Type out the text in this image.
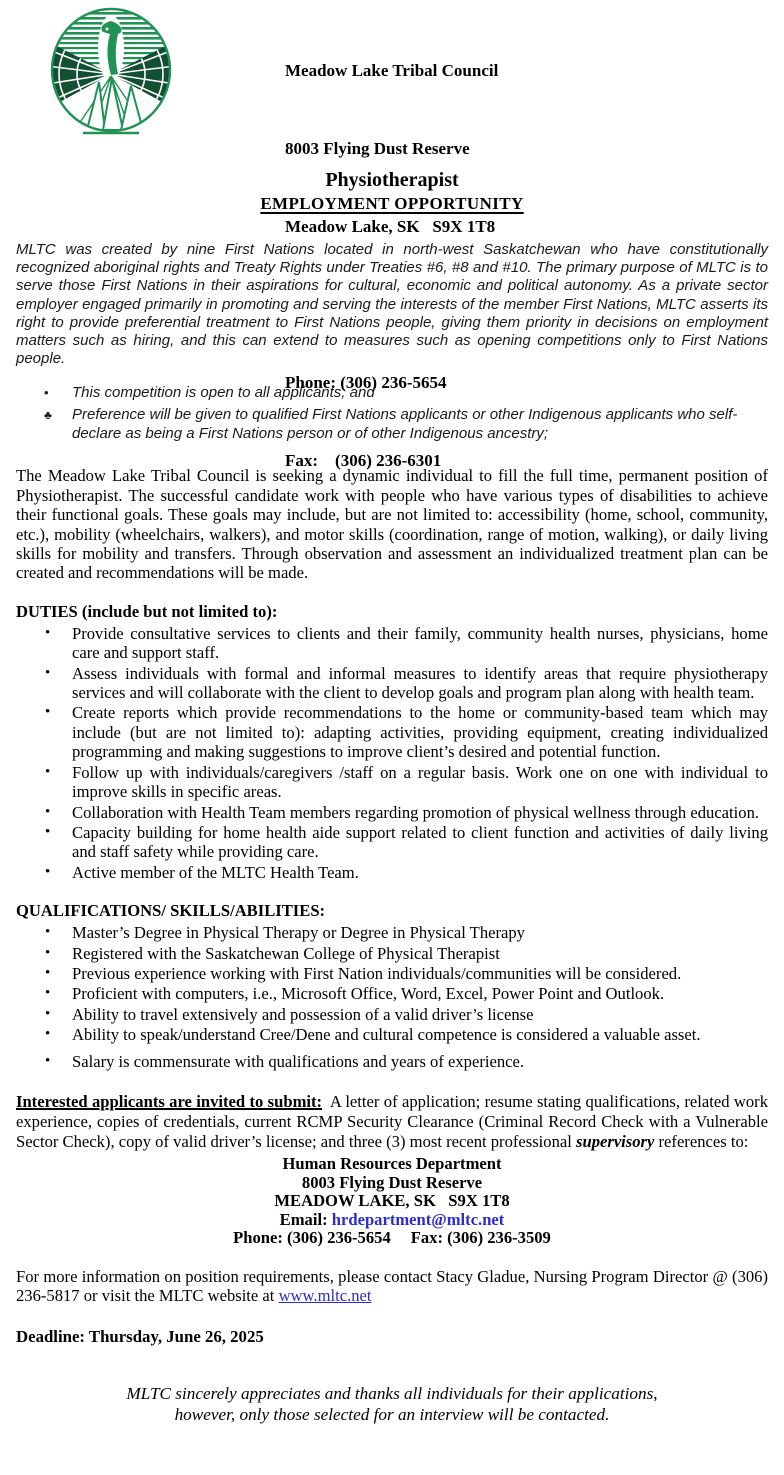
Meadow Lake Tribal Council

8003 Flying Dust Reserve

Meadow Lake, SK   S9X 1T8

Phone: (306) 236-5654

Fax:    (306) 236-6301

Physiotherapist
EMPLOYMENT OPPORTUNITY

MLTC was created by nine First Nations located in north-west Saskatchewan who have constitutionally recognized aboriginal rights and Treaty Rights under Treaties #6, #8 and #10. The primary purpose of MLTC is to serve those First Nations in their aspirations for cultural, economic and political autonomy. As a private sector employer engaged primarily in promoting and serving the interests of the member First Nations, MLTC asserts its right to provide preferential treatment to First Nations people, giving them priority in decisions on employment matters such as hiring, and this can extend to measures such as opening competitions only to First Nations people.

• This competition is open to all applicants; and
♣ Preference will be given to qualified First Nations applicants or other Indigenous applicants who self-declare as being a First Nations person or of other Indigenous ancestry;

The Meadow Lake Tribal Council is seeking a dynamic individual to fill the full time, permanent position of Physiotherapist. The successful candidate work with people who have various types of disabilities to achieve their functional goals. These goals may include, but are not limited to: accessibility (home, school, community, etc.), mobility (wheelchairs, walkers), and motor skills (coordination, range of motion, walking), or daily living skills for mobility and transfers. Through observation and assessment an individualized treatment plan can be created and recommendations will be made.

DUTIES (include but not limited to):
• Provide consultative services to clients and their family, community health nurses, physicians, home care and support staff.
• Assess individuals with formal and informal measures to identify areas that require physiotherapy services and will collaborate with the client to develop goals and program plan along with health team.
• Create reports which provide recommendations to the home or community-based team which may include (but are not limited to): adapting activities, providing equipment, creating individualized programming and making suggestions to improve client’s desired and potential function.
• Follow up with individuals/caregivers /staff on a regular basis. Work one on one with individual to improve skills in specific areas.
• Collaboration with Health Team members regarding promotion of physical wellness through education.
• Capacity building for home health aide support related to client function and activities of daily living and staff safety while providing care.
• Active member of the MLTC Health Team.
QUALIFICATIONS/ SKILLS/ABILITIES:
• Master’s Degree in Physical Therapy or Degree in Physical Therapy
• Registered with the Saskatchewan College of Physical Therapist
• Previous experience working with First Nation individuals/communities will be considered.
• Proficient with computers, i.e., Microsoft Office, Word, Excel, Power Point and Outlook.
• Ability to travel extensively and possession of a valid driver’s license
• Ability to speak/understand Cree/Dene and cultural competence is considered a valuable asset.
• Salary is commensurate with qualifications and years of experience.

Interested applicants are invited to submit:  A letter of application; resume stating qualifications, related work experience, copies of credentials, current RCMP Security Clearance (Criminal Record Check with a Vulnerable Sector Check), copy of valid driver’s license; and three (3) most recent professional supervisory references to:

Human Resources Department
8003 Flying Dust Reserve
MEADOW LAKE, SK   S9X 1T8
Email: hrdepartment@mltc.net
Phone: (306) 236-5654 Fax: (306) 236-3509

For more information on position requirements, please contact Stacy Gladue, Nursing Program Director @ (306) 236-5817 or visit the MLTC website at www.mltc.net

Deadline: Thursday, June 26, 2025
MLTC sincerely appreciates and thanks all individuals for their applications,
however, only those selected for an interview will be contacted.
